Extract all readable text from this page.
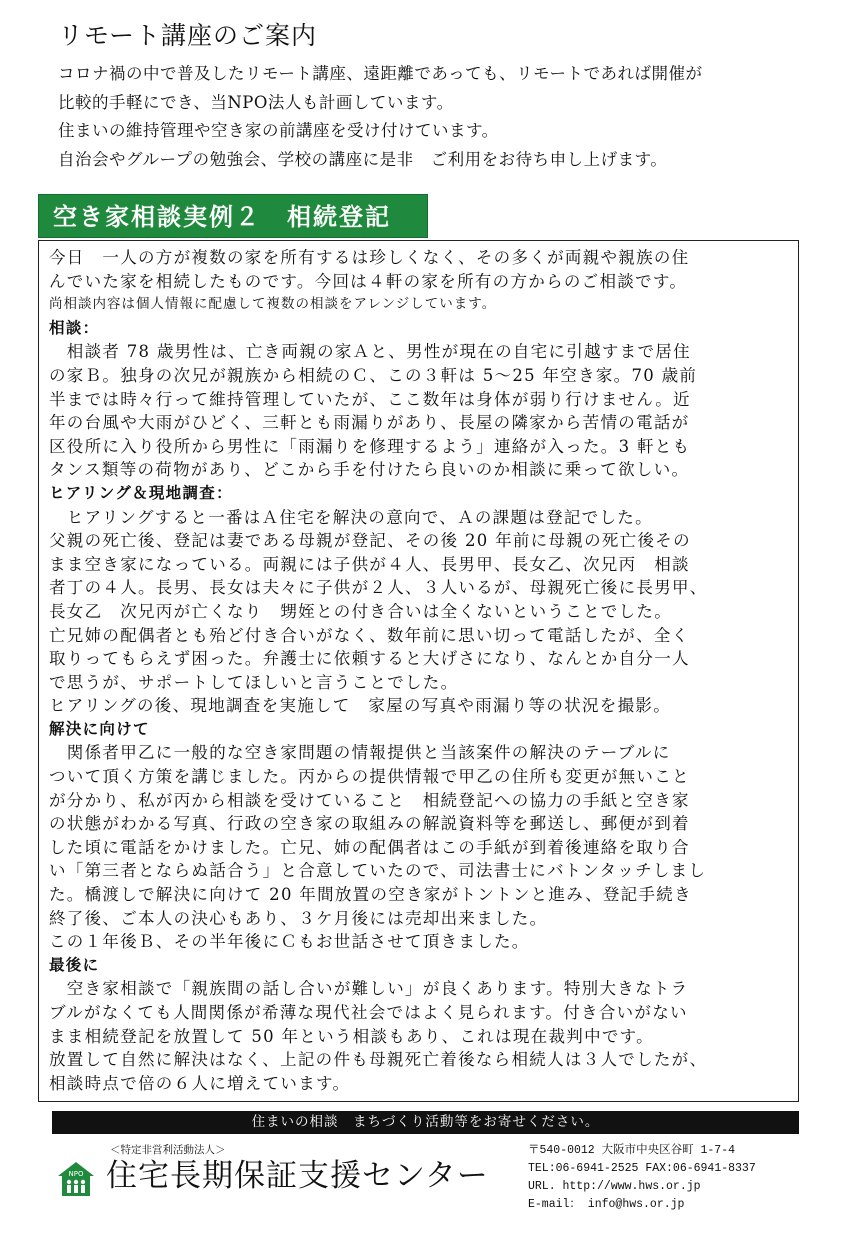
リモート講座のご案内

コロナ禍の中で普及したリモート講座、遠距離であっても、リモートであれば開催が

比較的手軽にでき、当NPO法人も計画しています。

住まいの維持管理や空き家の前講座を受け付けています。

自治会やグループの勉強会、学校の講座に是非　ご利用をお待ち申し上げます。

空き家相談実例２　相続登記

今日　一人の方が複数の家を所有するは珍しくなく、その多くが両親や親族の住

んでいた家を相続したものです。今回は４軒の家を所有の方からのご相談です。

尚相談内容は個人情報に配慮して複数の相談をアレンジしています。

相談：

　相談者 78 歳男性は、亡き両親の家Ａと、男性が現在の自宅に引越すまで居住

の家Ｂ。独身の次兄が親族から相続のＣ、この３軒は 5～25 年空き家。70 歳前

半までは時々行って維持管理していたが、ここ数年は身体が弱り行けません。近

年の台風や大雨がひどく、三軒とも雨漏りがあり、長屋の隣家から苦情の電話が

区役所に入り役所から男性に「雨漏りを修理するよう」連絡が入った。3 軒とも

タンス類等の荷物があり、どこから手を付けたら良いのか相談に乗って欲しい。

ヒアリング＆現地調査：

　ヒアリングすると一番はＡ住宅を解決の意向で、Ａの課題は登記でした。

父親の死亡後、登記は妻である母親が登記、その後 20 年前に母親の死亡後その

まま空き家になっている。両親には子供が４人、長男甲、長女乙、次兄丙　相談

者丁の４人。長男、長女は夫々に子供が２人、３人いるが、母親死亡後に長男甲、

長女乙　次兄丙が亡くなり　甥姪との付き合いは全くないということでした。

亡兄姉の配偶者とも殆ど付き合いがなく、数年前に思い切って電話したが、全く

取りってもらえず困った。弁護士に依頼すると大げさになり、なんとか自分一人

で思うが、サポートしてほしいと言うことでした。

ヒアリングの後、現地調査を実施して　家屋の写真や雨漏り等の状況を撮影。

解決に向けて

　関係者甲乙に一般的な空き家問題の情報提供と当該案件の解決のテーブルに

ついて頂く方策を講じました。丙からの提供情報で甲乙の住所も変更が無いこと

が分かり、私が丙から相談を受けていること　相続登記への協力の手紙と空き家

の状態がわかる写真、行政の空き家の取組みの解説資料等を郵送し、郵便が到着

した頃に電話をかけました。亡兄、姉の配偶者はこの手紙が到着後連絡を取り合

い「第三者とならぬ話合う」と合意していたので、司法書士にバトンタッチしまし

た。橋渡しで解決に向けて 20 年間放置の空き家がトントンと進み、登記手続き

終了後、ご本人の決心もあり、３ケ月後には売却出来ました。

この１年後Ｂ、その半年後にＣもお世話させて頂きました。

最後に

　空き家相談で「親族間の話し合いが難しい」が良くあります。特別大きなトラ

ブルがなくても人間関係が希薄な現代社会ではよく見られます。付き合いがない

まま相続登記を放置して 50 年という相談もあり、これは現在裁判中です。

放置して自然に解決はなく、上記の件も母親死亡着後なら相続人は３人でしたが、

相談時点で倍の６人に増えています。

住まいの相談　まちづくり活動等をお寄せください。
＜特定非営利活動法人＞
NPO 住宅長期保証支援センター
〒540-0012 大阪市中央区谷町 1-7-4
TEL:06-6941-2525 FAX:06-6941-8337
URL. http://www.hws.or.jp
E-mail： info@hws.or.jp
